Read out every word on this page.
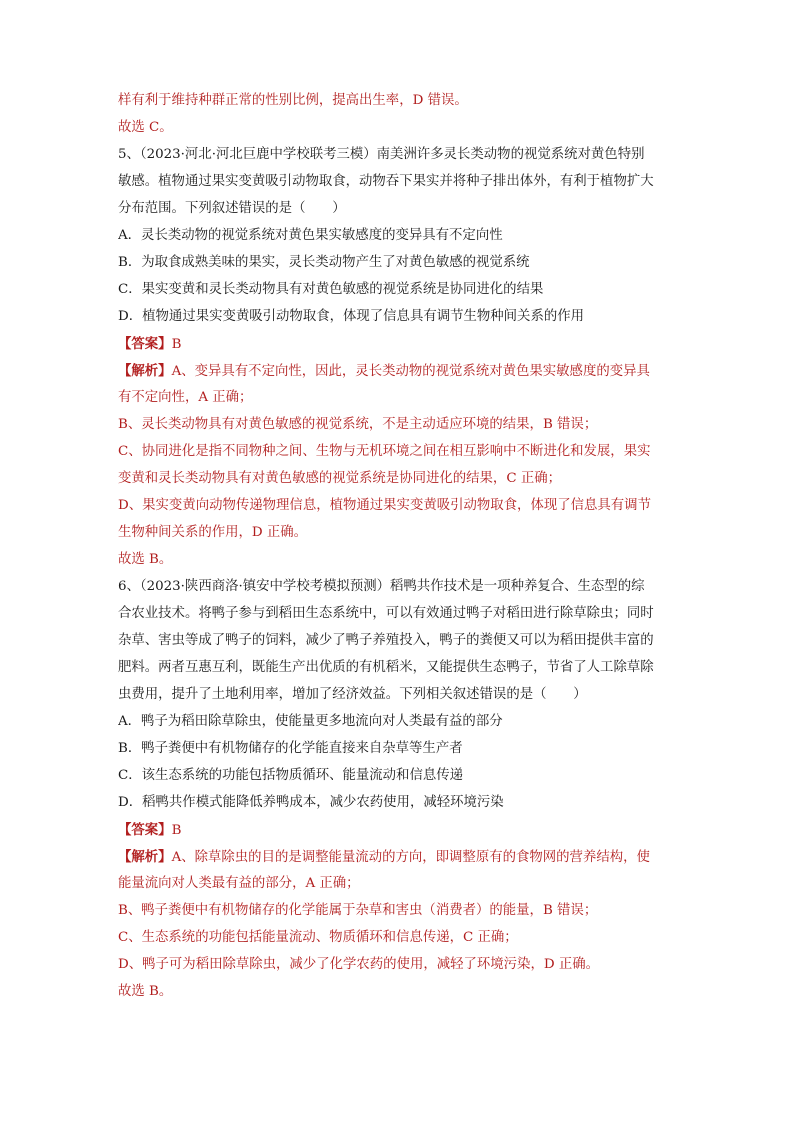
样有利于维持种群正常的性别比例，提高出生率，D 错误。
故选 C。
5、（2023·河北·河北巨鹿中学校联考三模）南美洲许多灵长类动物的视觉系统对黄色特别
敏感。植物通过果实变黄吸引动物取食，动物吞下果实并将种子排出体外，有利于植物扩大
分布范围。下列叙述错误的是（　　）
A．灵长类动物的视觉系统对黄色果实敏感度的变异具有不定向性
B．为取食成熟美味的果实，灵长类动物产生了对黄色敏感的视觉系统
C．果实变黄和灵长类动物具有对黄色敏感的视觉系统是协同进化的结果
D．植物通过果实变黄吸引动物取食，体现了信息具有调节生物种间关系的作用
【答案】B
【解析】A、变异具有不定向性，因此，灵长类动物的视觉系统对黄色果实敏感度的变异具
有不定向性，A 正确；
B、灵长类动物具有对黄色敏感的视觉系统，不是主动适应环境的结果，B 错误；
C、协同进化是指不同物种之间、生物与无机环境之间在相互影响中不断进化和发展，果实
变黄和灵长类动物具有对黄色敏感的视觉系统是协同进化的结果，C 正确；
D、果实变黄向动物传递物理信息，植物通过果实变黄吸引动物取食，体现了信息具有调节
生物种间关系的作用，D 正确。
故选 B。
6、（2023·陕西商洛·镇安中学校考模拟预测）稻鸭共作技术是一项种养复合、生态型的综
合农业技术。将鸭子参与到稻田生态系统中，可以有效通过鸭子对稻田进行除草除虫；同时
杂草、害虫等成了鸭子的饲料，减少了鸭子养殖投入，鸭子的粪便又可以为稻田提供丰富的
肥料。两者互惠互利，既能生产出优质的有机稻米，又能提供生态鸭子，节省了人工除草除
虫费用，提升了土地利用率，增加了经济效益。下列相关叙述错误的是（　　）
A．鸭子为稻田除草除虫，使能量更多地流向对人类最有益的部分
B．鸭子粪便中有机物储存的化学能直接来自杂草等生产者
C．该生态系统的功能包括物质循环、能量流动和信息传递
D．稻鸭共作模式能降低养鸭成本，减少农药使用，减轻环境污染
【答案】B
【解析】A、除草除虫的目的是调整能量流动的方向，即调整原有的食物网的营养结构，使
能量流向对人类最有益的部分，A 正确；
B、鸭子粪便中有机物储存的化学能属于杂草和害虫（消费者）的能量，B 错误；
C、生态系统的功能包括能量流动、物质循环和信息传递，C 正确；
D、鸭子可为稻田除草除虫，减少了化学农药的使用，减轻了环境污染，D 正确。
故选 B。
